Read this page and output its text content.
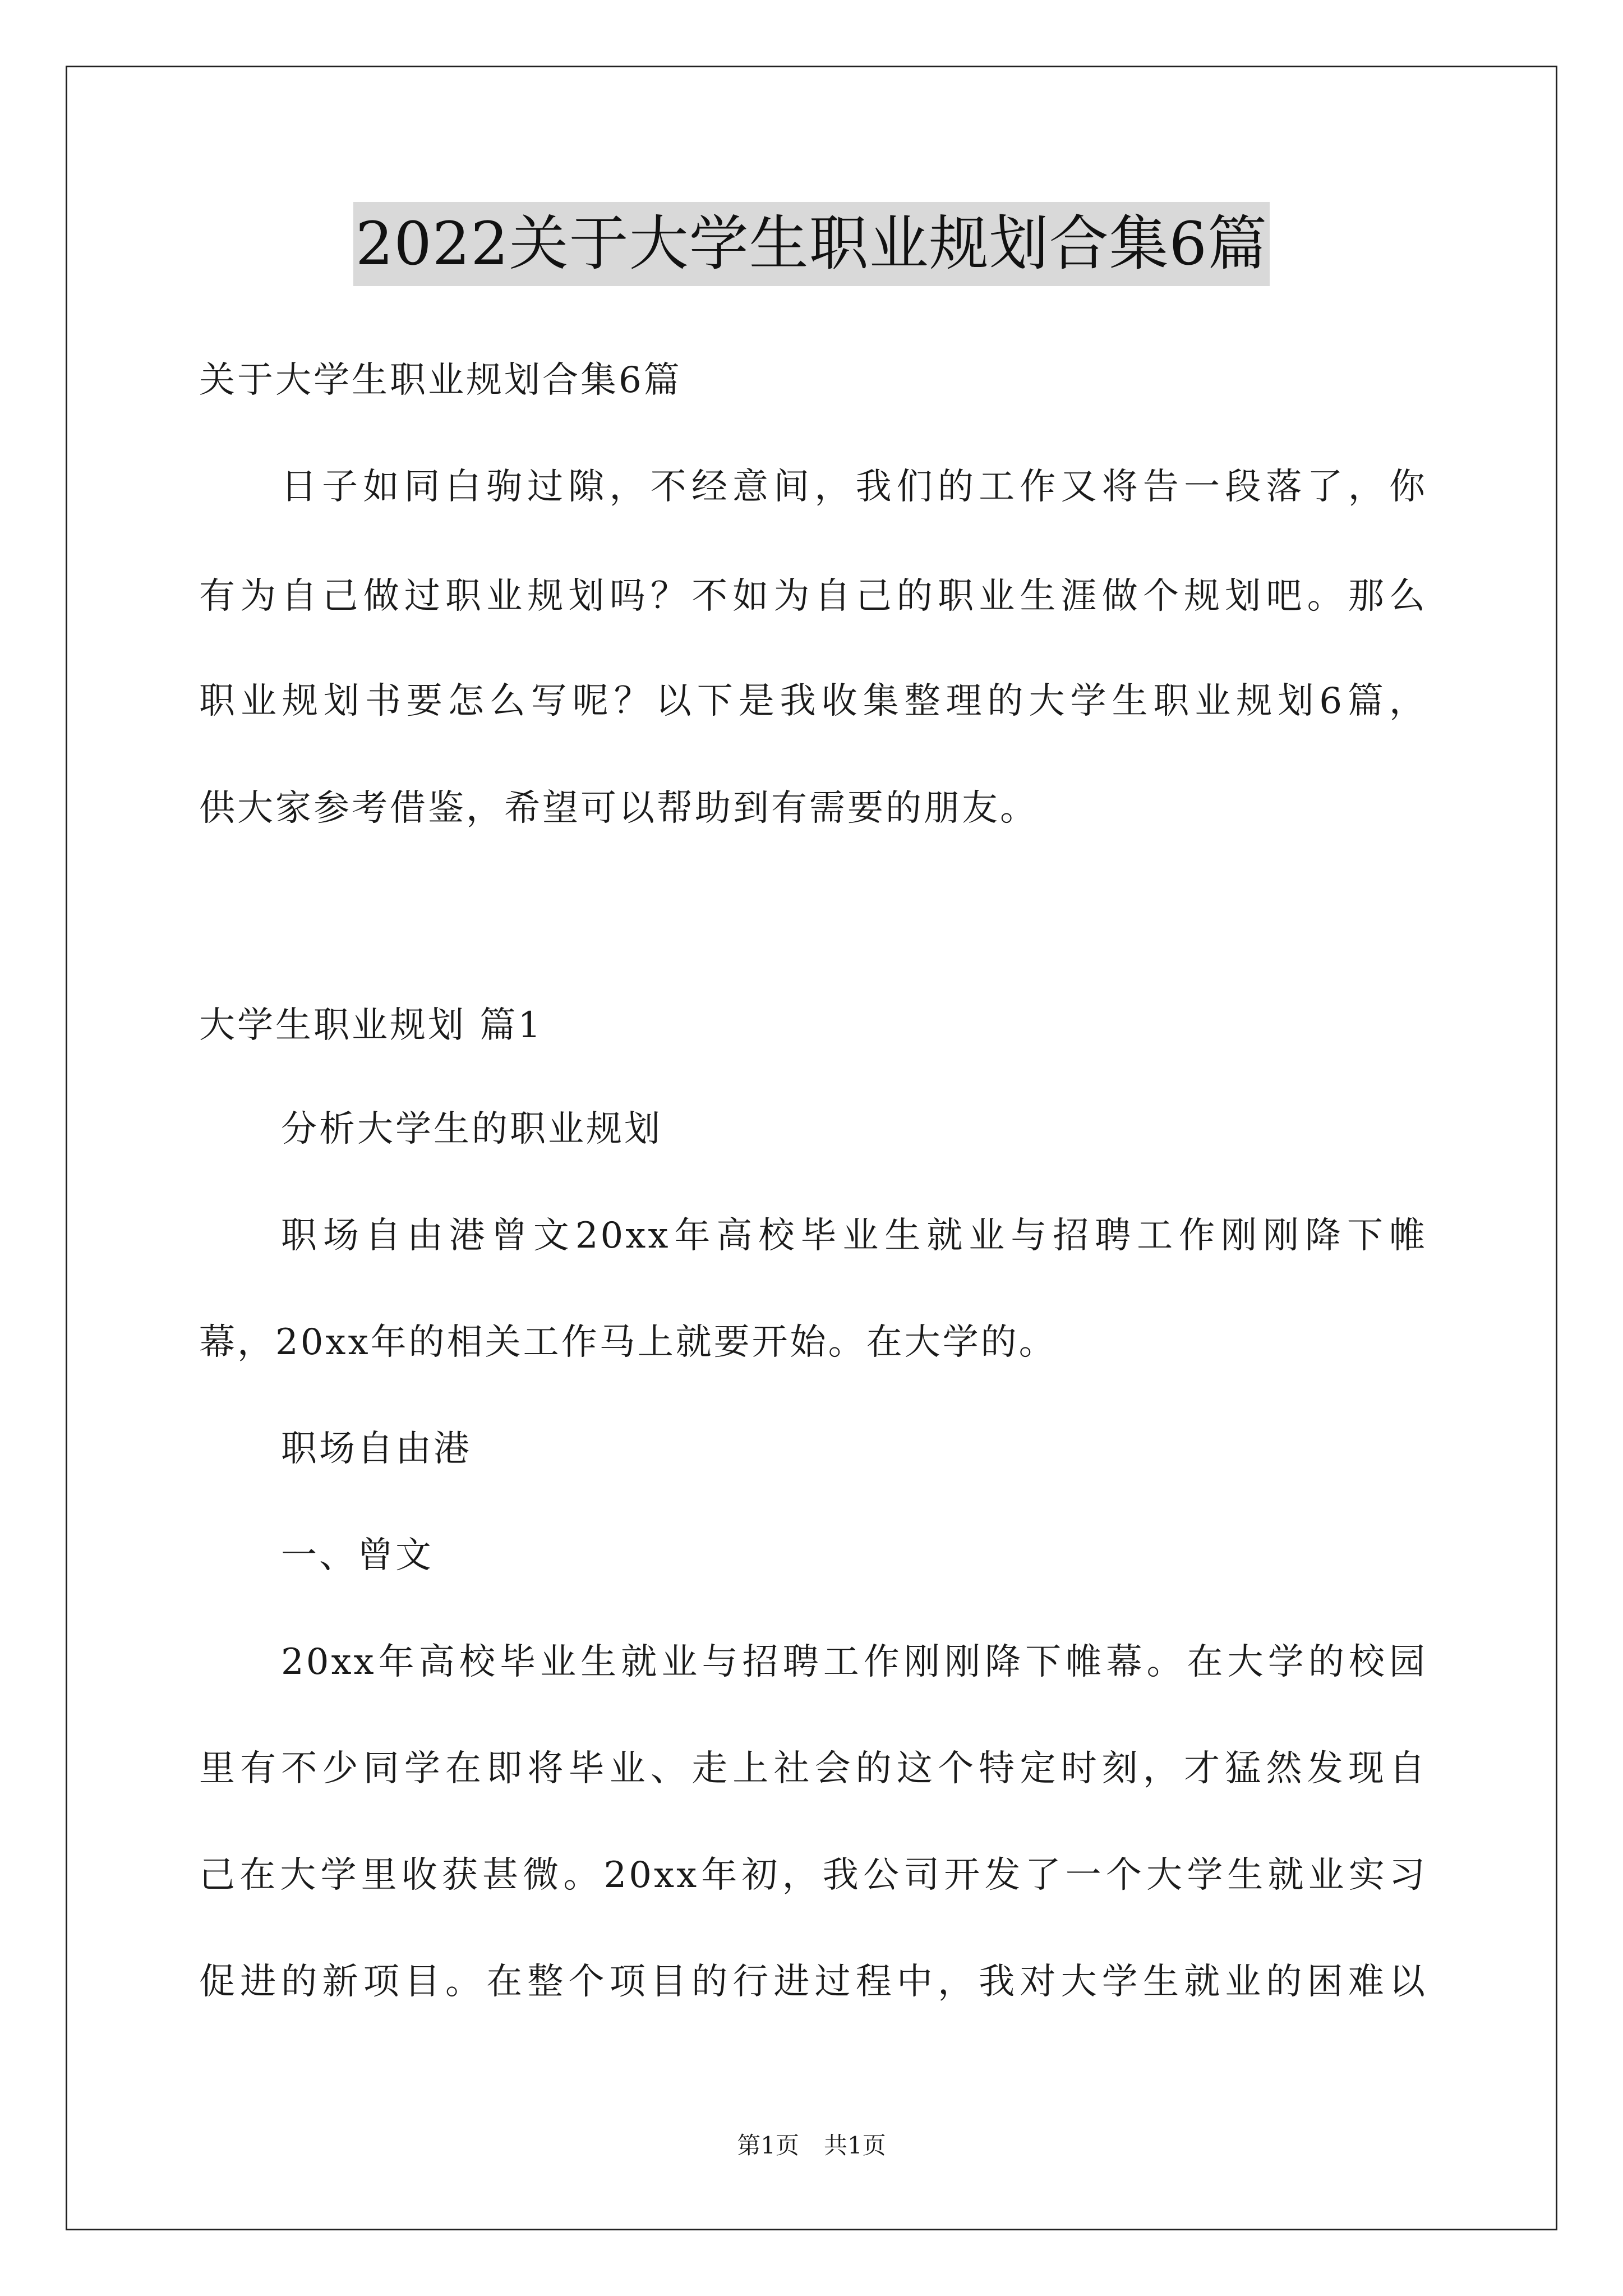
2022关于大学生职业规划合集6篇
关于大学生职业规划合集6篇
日子如同白驹过隙，不经意间，我们的工作又将告一段落了，你
有为自己做过职业规划吗？不如为自己的职业生涯做个规划吧。那么
职业规划书要怎么写呢？以下是我收集整理的大学生职业规划6篇，
供大家参考借鉴，希望可以帮助到有需要的朋友。
大学生职业规划 篇1
分析大学生的职业规划
职场自由港曾文20xx年高校毕业生就业与招聘工作刚刚降下帷
幕，20xx年的相关工作马上就要开始。在大学的。
职场自由港
一、曾文
20xx年高校毕业生就业与招聘工作刚刚降下帷幕。在大学的校园
里有不少同学在即将毕业、走上社会的这个特定时刻，才猛然发现自
己在大学里收获甚微。20xx年初，我公司开发了一个大学生就业实习
促进的新项目。在整个项目的行进过程中，我对大学生就业的困难以
第1页 共1页
